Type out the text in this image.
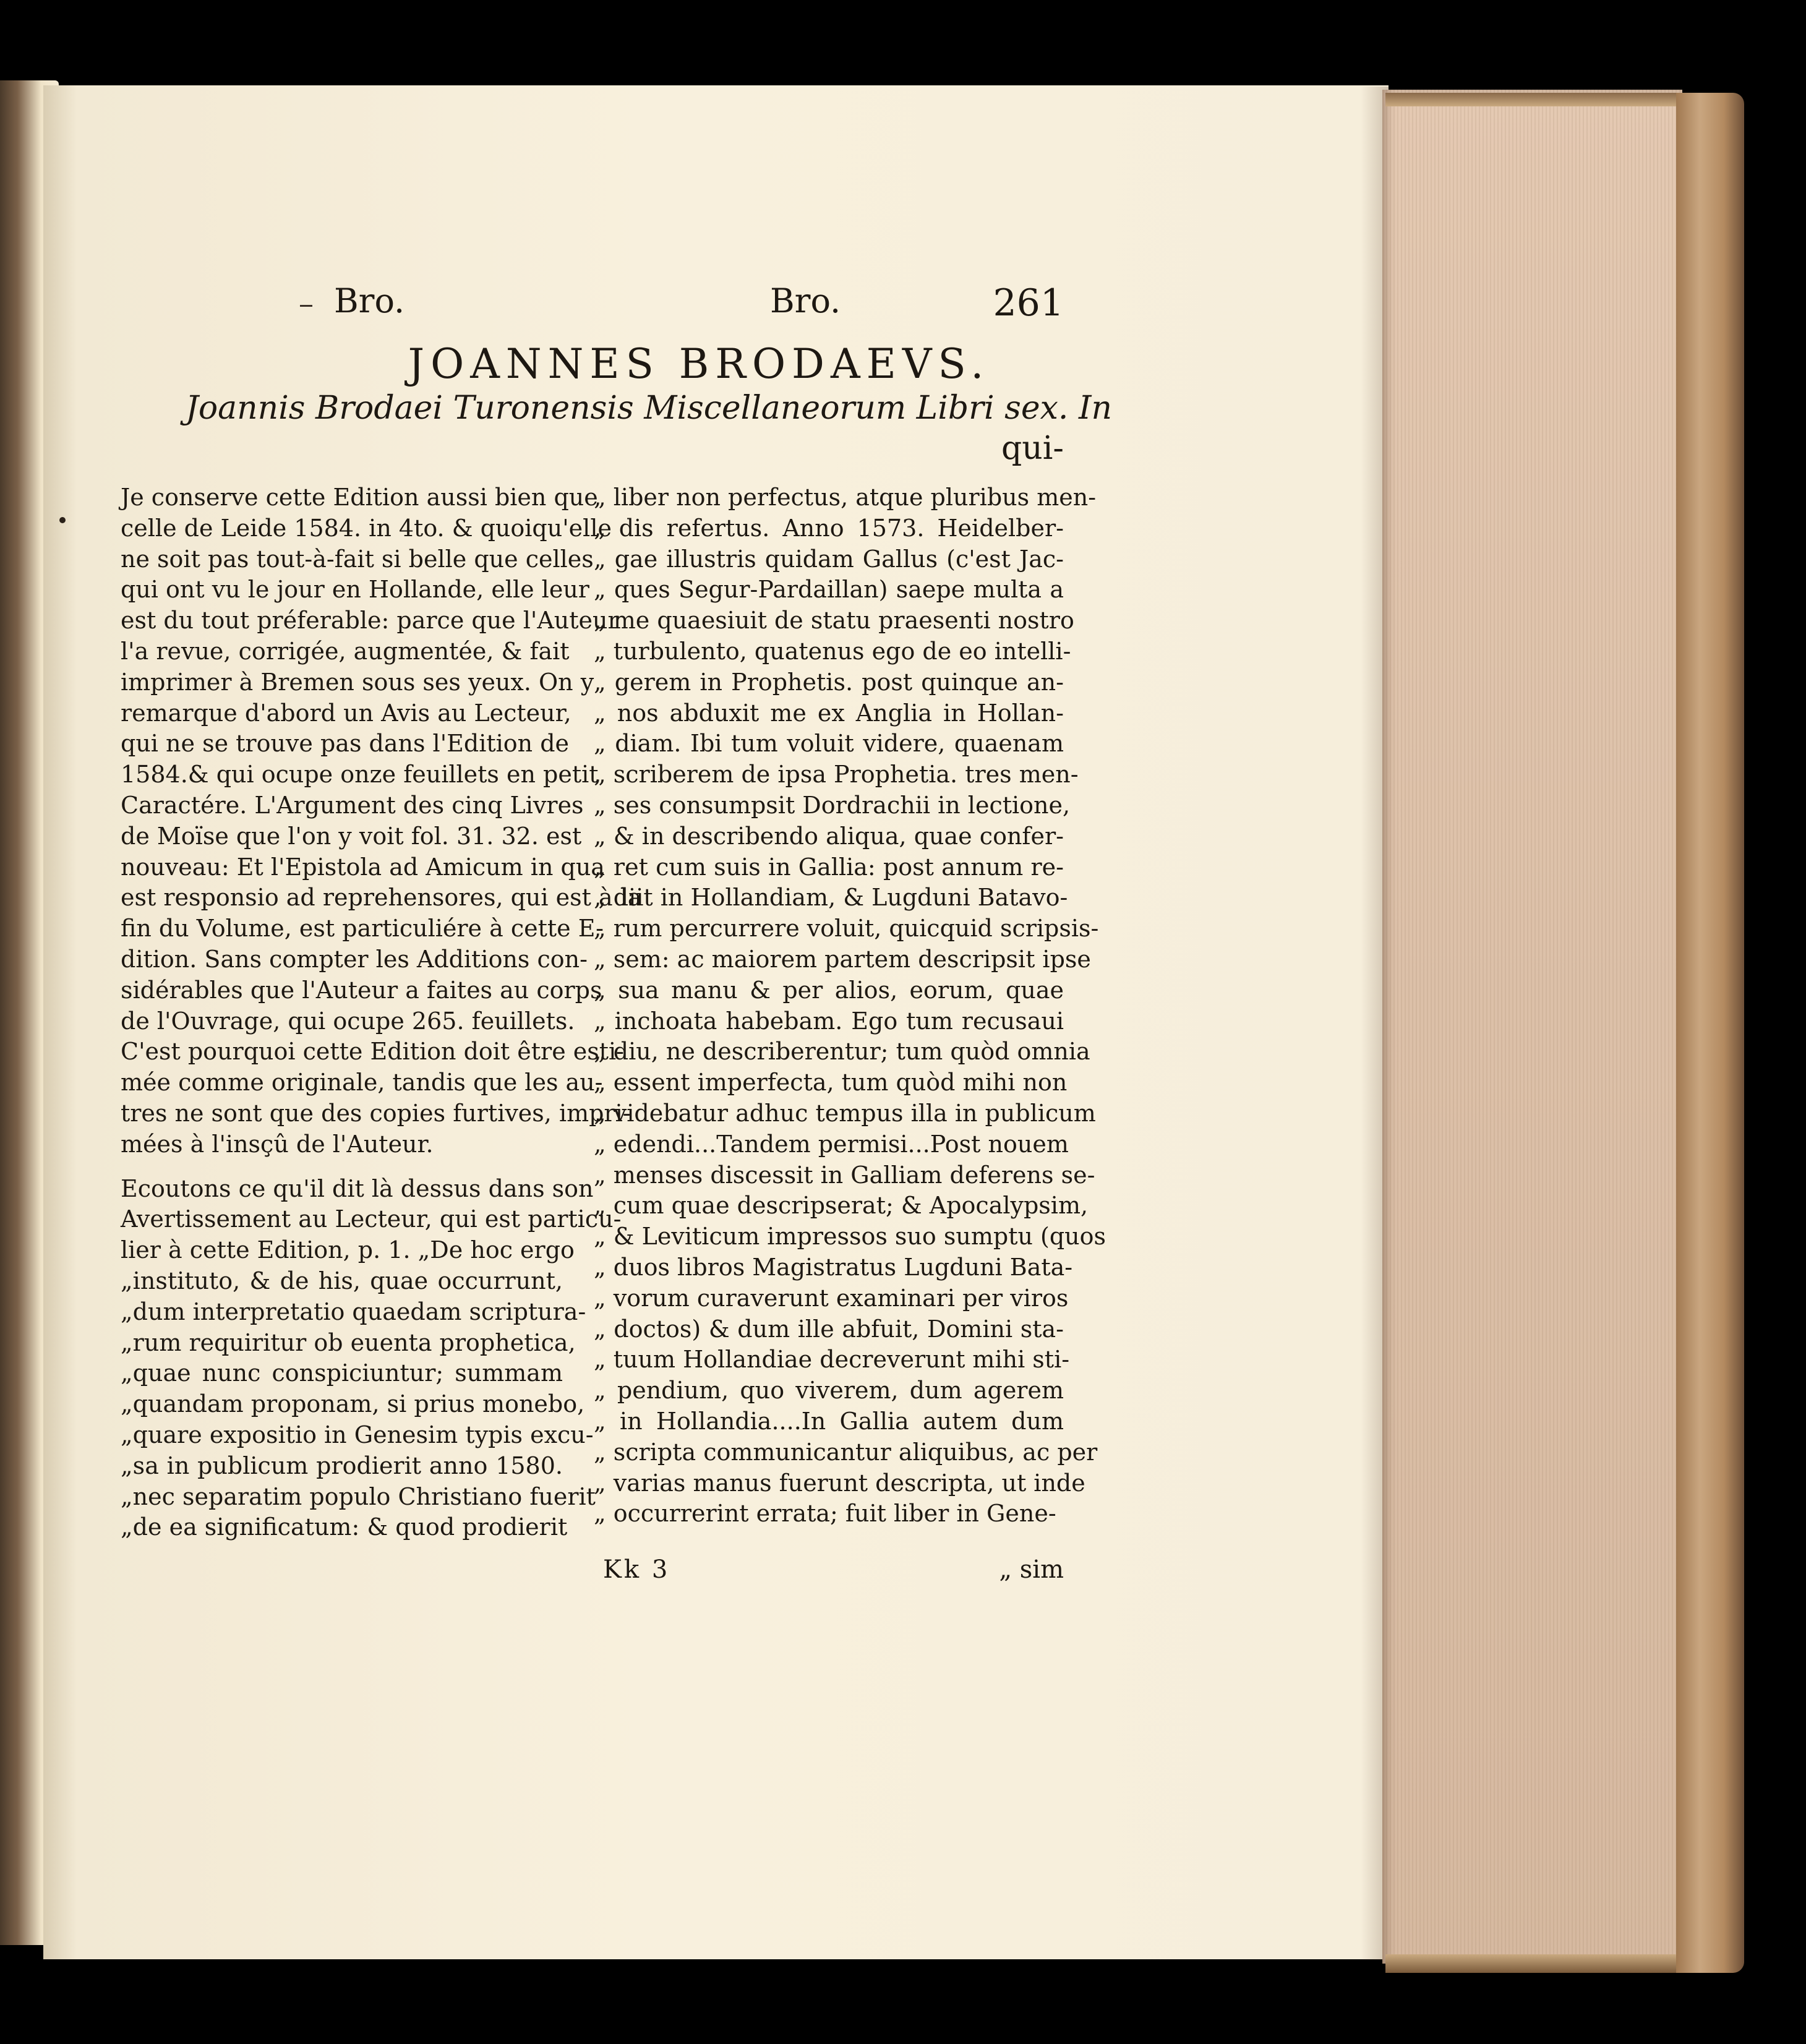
Bro.	Bro.	261
JOANNES BRODAEVS.
Joannis Brodaei Turonensis Miscellaneorum Libri sex. In
qui-
Je conserve cette Edition aussi bien que
celle de Leide 1584. in 4to. & quoiqu'elle
ne soit pas tout-à-fait si belle que celles
qui ont vu le jour en Hollande, elle leur
est du tout préferable: parce que l'Auteur
l'a revue, corrigée, augmentée, & fait
imprimer à Bremen sous ses yeux. On y
remarque d'abord un Avis au Lecteur,
qui ne se trouve pas dans l'Edition de
1584.& qui ocupe onze feuillets en petit
Caractére. L'Argument des cinq Livres
de Moïse que l'on y voit fol. 31. 32. est
nouveau: Et l'Epistola ad Amicum in qua
est responsio ad reprehensores, qui est à la
fin du Volume, est particuliére à cette E-
dition. Sans compter les Additions con-
sidérables que l'Auteur a faites au corps
de l'Ouvrage, qui ocupe 265. feuillets.
C'est pourquoi cette Edition doit être esti-
mée comme originale, tandis que les au-
tres ne sont que des copies furtives, impri-
mées à l'insçû de l'Auteur.
Ecoutons ce qu'il dit là dessus dans son
Avertissement au Lecteur, qui est particu-
lier à cette Edition, p. 1. „De hoc ergo
„instituto, & de his, quae occurrunt,
„dum interpretatio quaedam scriptura-
„rum requiritur ob euenta prophetica,
„quae nunc conspiciuntur; summam
„quandam proponam, si prius monebo,
„quare expositio in Genesim typis excu-
„sa in publicum prodierit anno 1580.
„nec separatim populo Christiano fuerit
„de ea significatum: & quod prodierit
„ liber non perfectus, atque pluribus men-
„ dis refertus. Anno 1573. Heidelber-
„ gae illustris quidam Gallus (c'est Jac-
„ ques Segur-Pardaillan) saepe multa a
„ me quaesiuit de statu praesenti nostro
„ turbulento, quatenus ego de eo intelli-
„ gerem in Prophetis. post quinque an-
„ nos abduxit me ex Anglia in Hollan-
„ diam. Ibi tum voluit videre, quaenam
„ scriberem de ipsa Prophetia. tres men-
„ ses consumpsit Dordrachii in lectione,
„ & in describendo aliqua, quae confer-
„ ret cum suis in Gallia: post annum re-
„ diit in Hollandiam, & Lugduni Batavo-
„ rum percurrere voluit, quicquid scripsis-
„ sem: ac maiorem partem descripsit ipse
„ sua manu & per alios, eorum, quae
„ inchoata habebam. Ego tum recusaui
„ diu, ne describerentur; tum quòd omnia
„ essent imperfecta, tum quòd mihi non
„ videbatur adhuc tempus illa in publicum
„ edendi...Tandem permisi...Post nouem
„ menses discessit in Galliam deferens se-
„ cum quae descripserat; & Apocalypsim,
„ & Leviticum impressos suo sumptu (quos
„ duos libros Magistratus Lugduni Bata-
„ vorum curaverunt examinari per viros
„ doctos) & dum ille abfuit, Domini sta-
„ tuum Hollandiae decreverunt mihi sti-
„ pendium, quo viverem, dum agerem
„ in Hollandia....In Gallia autem dum
„ scripta communicantur aliquibus, ac per
„ varias manus fuerunt descripta, ut inde
„ occurrerint errata; fuit liber in Gene-
Kk 3	„ sim
